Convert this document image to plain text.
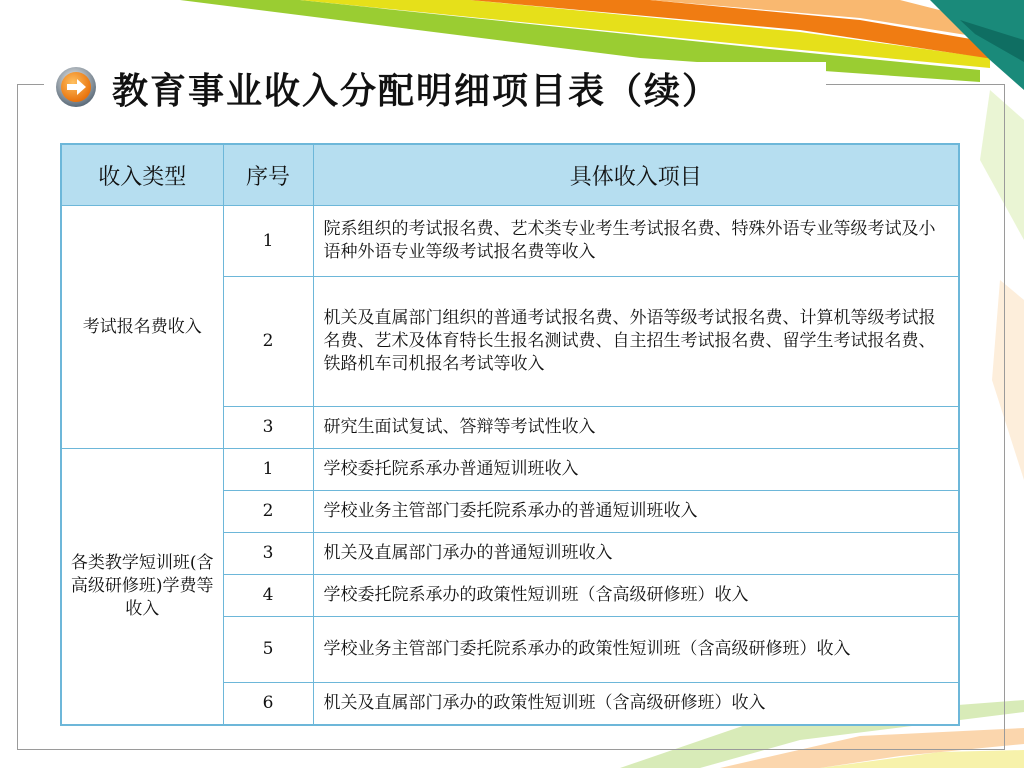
教育事业收入分配明细项目表（续）
收入类型	序号	具体收入项目
考试报名费收入	1	院系组织的考试报名费、艺术类专业考生考试报名费、特殊外语专业等级考试及小语种外语专业等级考试报名费等收入
	2	机关及直属部门组织的普通考试报名费、外语等级考试报名费、计算机等级考试报名费、艺术及体育特长生报名测试费、自主招生考试报名费、留学生考试报名费、铁路机车司机报名考试等收入
	3	研究生面试复试、答辩等考试性收入
各类教学短训班(含高级研修班)学费等收入	1	学校委托院系承办普通短训班收入
	2	学校业务主管部门委托院系承办的普通短训班收入
	3	机关及直属部门承办的普通短训班收入
	4	学校委托院系承办的政策性短训班（含高级研修班）收入
	5	学校业务主管部门委托院系承办的政策性短训班（含高级研修班）收入
	6	机关及直属部门承办的政策性短训班（含高级研修班）收入
